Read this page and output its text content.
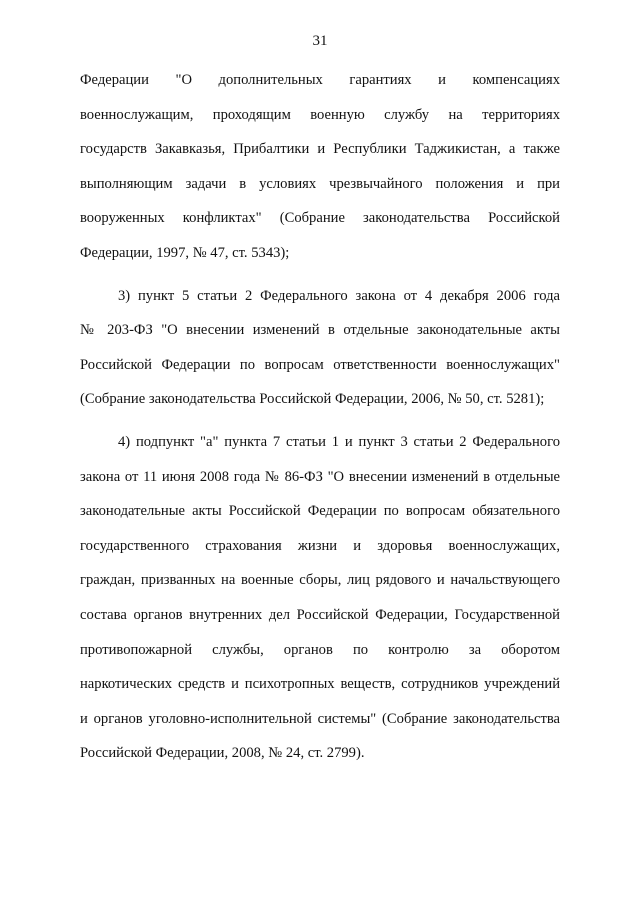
31
Федерации "О дополнительных гарантиях и компенсациях
военнослужащим, проходящим военную службу на территориях
государств Закавказья, Прибалтики и Республики Таджикистан, а также
выполняющим задачи в условиях чрезвычайного положения и при
вооруженных конфликтах" (Собрание законодательства Российской
Федерации, 1997, № 47, ст. 5343);
3) пункт 5 статьи 2 Федерального закона от 4 декабря 2006 года
№ 203-ФЗ "О внесении изменений в отдельные законодательные акты
Российской Федерации по вопросам ответственности военнослужащих"
(Собрание законодательства Российской Федерации, 2006, № 50, ст. 5281);
4) подпункт "а" пункта 7 статьи 1 и пункт 3 статьи 2 Федерального
закона от 11 июня 2008 года № 86-ФЗ "О внесении изменений в отдельные
законодательные акты Российской Федерации по вопросам обязательного
государственного страхования жизни и здоровья военнослужащих,
граждан, призванных на военные сборы, лиц рядового и начальствующего
состава органов внутренних дел Российской Федерации, Государственной
противопожарной службы, органов по контролю за оборотом
наркотических средств и психотропных веществ, сотрудников учреждений
и органов уголовно-исполнительной системы" (Собрание законодательства
Российской Федерации, 2008, № 24, ст. 2799).
